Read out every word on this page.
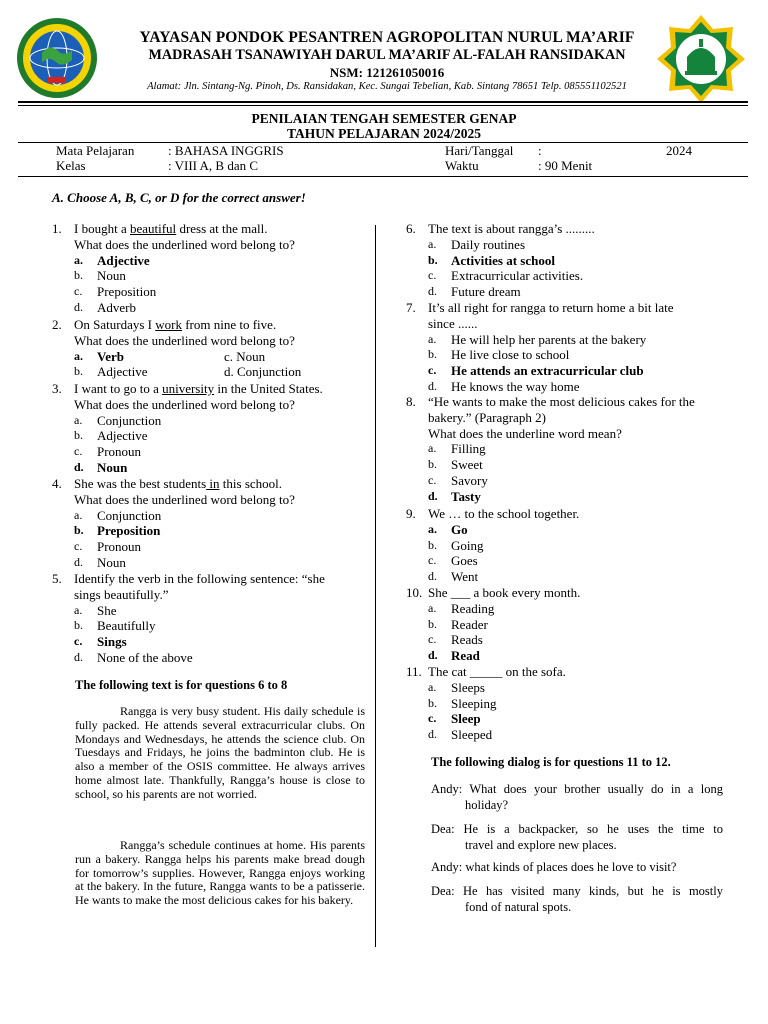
YAYASAN PONDOK PESANTREN AGROPOLITAN NURUL MA’ARIF
MADRASAH TSANAWIYAH DARUL MA’ARIF AL-FALAH RANSIDAKAN
NSM: 121261050016
Alamat: Jln. Sintang-Ng. Pinoh, Ds. Ransidakan, Kec. Sungai Tebelian, Kab. Sintang 78651 Telp. 085551102521
PENILAIAN TENGAH SEMESTER GENAP
TAHUN PELAJARAN 2024/2025
Mata Pelajaran	: BAHASA INGGRIS
Kelas	: VIII A, B dan C
Hari/Tanggal :	2024
Waktu	: 90 Menit
A. Choose A, B, C, or D for the correct answer!
1. I bought a beautiful dress at the mall.
What does the underlined word belong to?
a. Adjective
b. Noun
c. Preposition
d. Adverb
2. On Saturdays I work from nine to five.
What does the underlined word belong to?
a. Verb	c. Noun
b. Adjective	d. Conjunction
3. I want to go to a university in the United States.
What does the underlined word belong to?
a. Conjunction
b. Adjective
c. Pronoun
d. Noun
4. She was the best students in this school.
What does the underlined word belong to?
a. Conjunction
b. Preposition
c. Pronoun
d. Noun
5. Identify the verb in the following sentence: “she
sings beautifully.”
a. She
b. Beautifully
c. Sings
d. None of the above
6. The text is about rangga’s .........
a. Daily routines
b. Activities at school
c. Extracurricular activities.
d. Future dream
7. It’s all right for rangga to return home a bit late
since ......
a. He will help her parents at the bakery
b. He live close to school
c. He attends an extracurricular club
d. He knows the way home
8. “He wants to make the most delicious cakes for the
bakery.” (Paragraph 2)
What does the underline word mean?
a. Filling
b. Sweet
c. Savory
d. Tasty
9. We … to the school together.
a. Go
b. Going
c. Goes
d. Went
10. She ___ a book every month.
a. Reading
b. Reader
c. Reads
d. Read
11. The cat _____ on the sofa.
a. Sleeps
b. Sleeping
c. Sleep
d. Sleeped
The following text is for questions 6 to 8
Rangga is very busy student. His daily schedule is fully packed. He attends several extracurricular clubs. On Mondays and Wednesdays, he attends the science club. On Tuesdays and Fridays, he joins the badminton club. He is also a member of the OSIS committee. He always arrives home almost late. Thankfully, Rangga’s house is close to school, so his parents are not worried.
Rangga’s schedule continues at home. His parents run a bakery. Rangga helps his parents make bread dough for tomorrow’s supplies. However, Rangga enjoys working at the bakery. In the future, Rangga wants to be a patisserie. He wants to make the most delicious cakes for his bakery.
The following dialog is for questions 11 to 12.
Andy: What does your brother usually do in a long
holiday?
Dea: He is a backpacker, so he uses the time to
travel and explore new places.
Andy: what kinds of places does he love to visit?
Dea: He has visited many kinds, but he is mostly
fond of natural spots.
